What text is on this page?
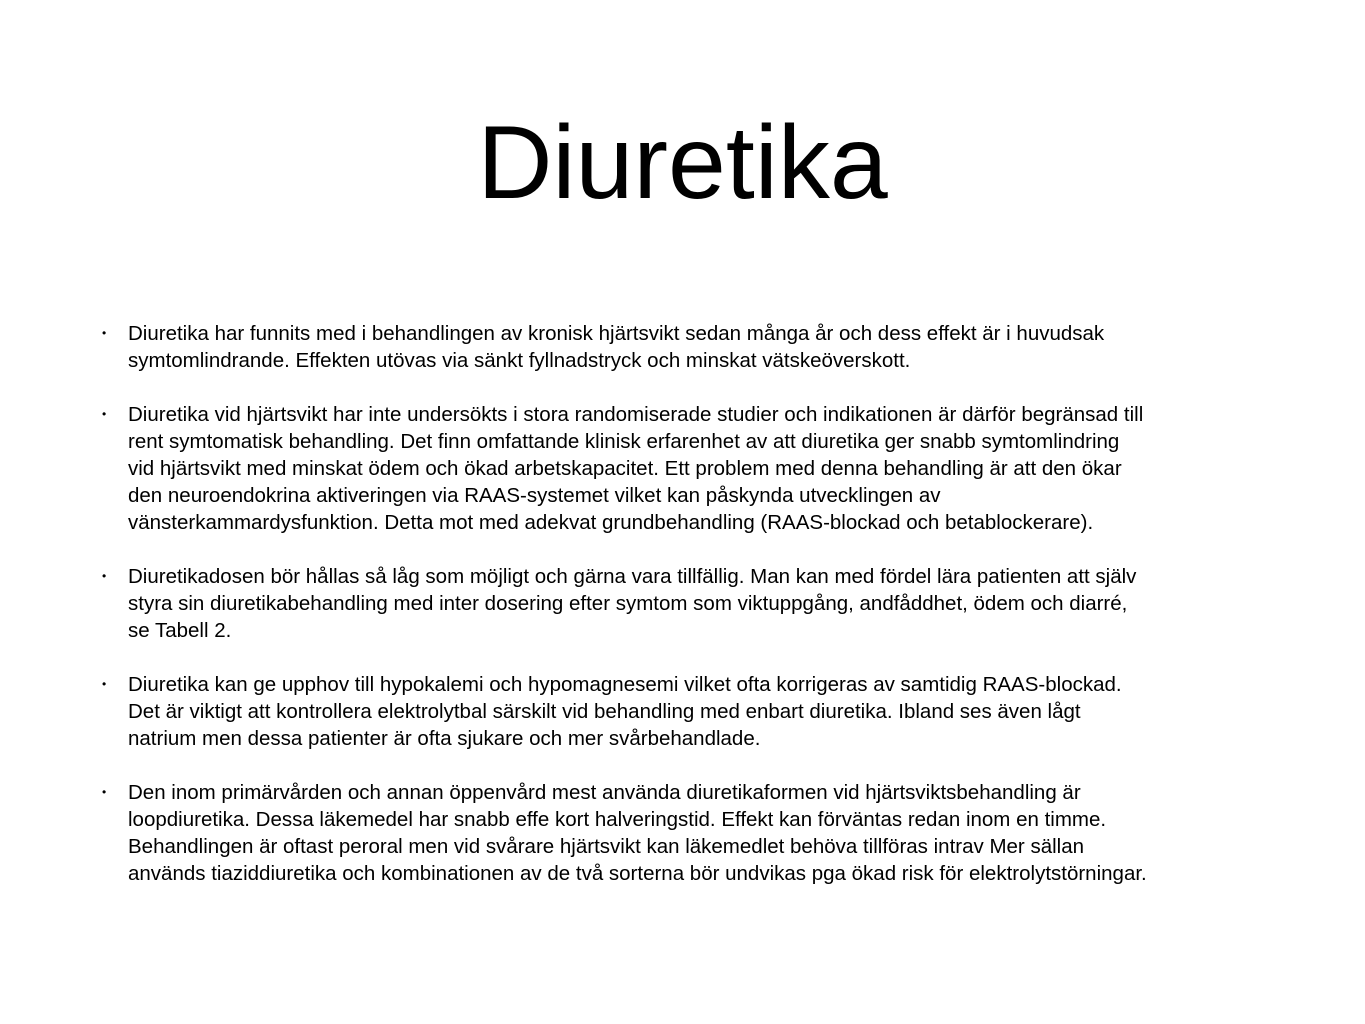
Diuretika
• Diuretika har funnits med i behandlingen av kronisk hjärtsvikt sedan många år och dess effekt är i huvudsak
symtomlindrande. Effekten utövas via sänkt fyllnadstryck och minskat vätskeöverskott.
• Diuretika vid hjärtsvikt har inte undersökts i stora randomiserade studier och indikationen är därför begränsad till
rent symtomatisk behandling. Det finn omfattande klinisk erfarenhet av att diuretika ger snabb symtomlindring
vid hjärtsvikt med minskat ödem och ökad arbetskapacitet. Ett problem med denna behandling är att den ökar
den neuroendokrina aktiveringen via RAAS-systemet vilket kan påskynda utvecklingen av
vänsterkammardysfunktion. Detta mot med adekvat grundbehandling (RAAS-blockad och betablockerare).
• Diuretikadosen bör hållas så låg som möjligt och gärna vara tillfällig. Man kan med fördel lära patienten att själv
styra sin diuretikabehandling med inter dosering efter symtom som viktuppgång, andfåddhet, ödem och diarré,
se Tabell 2.
• Diuretika kan ge upphov till hypokalemi och hypomagnesemi vilket ofta korrigeras av samtidig RAAS-blockad.
Det är viktigt att kontrollera elektrolytbal särskilt vid behandling med enbart diuretika. Ibland ses även lågt
natrium men dessa patienter är ofta sjukare och mer svårbehandlade.
• Den inom primärvården och annan öppenvård mest använda diuretikaformen vid hjärtsviktsbehandling är
loopdiuretika. Dessa läkemedel har snabb effe kort halveringstid. Effekt kan förväntas redan inom en timme.
Behandlingen är oftast peroral men vid svårare hjärtsvikt kan läkemedlet behöva tillföras intrav Mer sällan
används tiaziddiuretika och kombinationen av de två sorterna bör undvikas pga ökad risk för elektrolytstörningar.
